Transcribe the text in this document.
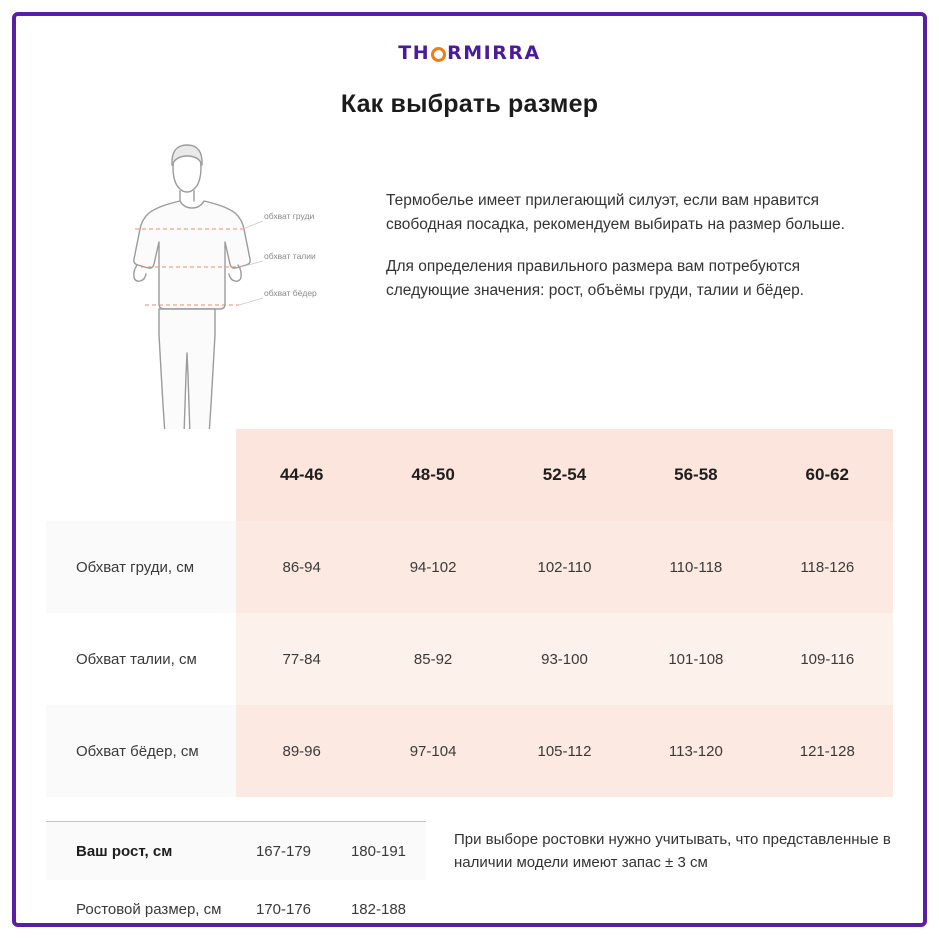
TH RMIRRA
Как выбрать размер
обхват груди
обхват талии
обхват бёдер

Термобелье имеет прилегающий силуэт, если вам нравится свободная посадка, рекомендуем выбирать на размер больше.

Для определения правильного размера вам потребуются следующие значения: рост, объёмы груди, талии и бёдер.

	44-46	48-50	52-54	56-58	60-62
Обхват груди, см	86-94	94-102	102-110	110-118	118-126
Обхват талии, см	77-84	85-92	93-100	101-108	109-116
Обхват бёдер, см	89-96	97-104	105-112	113-120	121-128
Ваш рост, см	167-179	180-191
Ростовой размер, см	170-176	182-188

При выборе ростовки нужно учитывать, что представленные в наличии модели имеют запас ± 3 см
